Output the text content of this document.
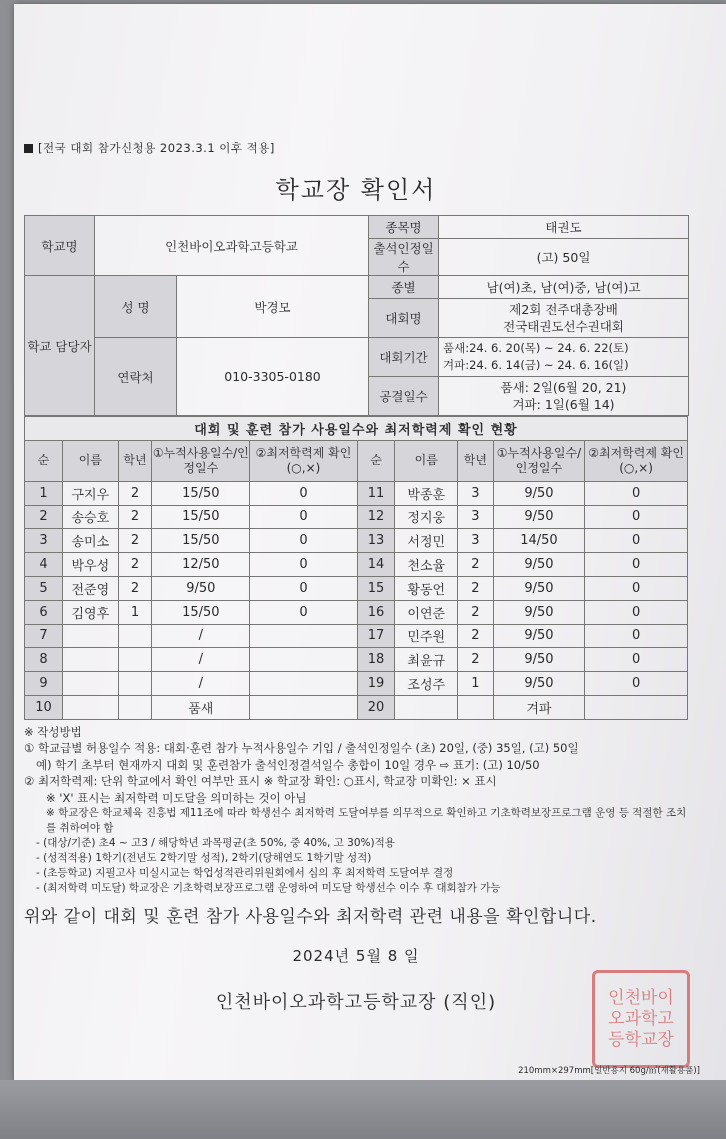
[전국 대회 참가신청용 2023.3.1 이후 적용]
학교장 확인서
학교명	인천바이오과학고등학교		종목명	태권도	
			출석인정일수	(고) 50일	
학교 담당자	성 명	박경모	종별	남(여)초, 남(여)중, 남(여)고	
			대회명	제2회 전주대총장배
전국태권도선수권대회	

	연락처	010-3305-0180	대회기간	품새:24. 6. 20(목) ~ 24. 6. 22(토)
겨파:24. 6. 14(금) ~ 24. 6. 16(일)	

			공결일수	품새: 2일(6월 20, 21)
겨파: 1일(6월 14)	

대회 및 훈련 참가 사용일수와 최저학력제 확인 현황									
순	이름	학년	①누적사용일수/인정일수	②최저학력제 확인(○,×)	순	이름	학년	①누적사용일수/인정일수	②최저학력제 확인(○,×)
1	구지우	2	15/50	0	11	박종훈	3	9/50	0
2	송승호	2	15/50	0	12	정지웅	3	9/50	0
3	송미소	2	15/50	0	13	서정민	3	14/50	0
4	박우성	2	12/50	0	14	천소율	2	9/50	0
5	전준영	2	9/50	0	15	황동언	2	9/50	0
6	김영후	1	15/50	0	16	이연준	2	9/50	0
7			/		17	민주원	2	9/50	0
8			/		18	최윤규	2	9/50	0
9			/		19	조성주	1	9/50	0
10			품새		20			겨파	
※ 작성방법
① 학교급별 허용일수 적용: 대회·훈련 참가 누적사용일수 기입 / 출석인정일수 (초) 20일, (중) 35일, (고) 50일
예) 학기 초부터 현재까지 대회 및 훈련참가 출석인정결석일수 총합이 10일 경우 ⇨ 표기: (고) 10/50
② 최저학력제: 단위 학교에서 확인 여부만 표시 ※ 학교장 확인: ○표시, 학교장 미확인: × 표시
※ 'X' 표시는 최저학력 미도달을 의미하는 것이 아님
※ 학교장은 학교체육 진흥법 제11조에 따라 학생선수 최저학력 도달여부를 의무적으로 확인하고 기초학력보장프로그램 운영 등 적절한 조치를 취하여야 함
- (대상/기준) 초4 ~ 고3 / 해당학년 과목평균(초 50%, 중 40%, 고 30%)적용
- (성적적용) 1학기(전년도 2학기말 성적), 2학기(당해연도 1학기말 성적)
- (초등학교) 지필고사 미실시교는 학업성적관리위원회에서 심의 후 최저학력 도달여부 결정
- (최저학력 미도달) 학교장은 기초학력보장프로그램 운영하여 미도달 학생선수 이수 후 대회참가 가능
위와 같이 대회 및 훈련 참가 사용일수와 최저학력 관련 내용을 확인합니다.
2024년 5월 8 일
인천바이오과학고등학교장 (직인)	인천바이
오과학고
등학교장
210mm×297mm[일반용지 60g/㎡(재활용품)]
